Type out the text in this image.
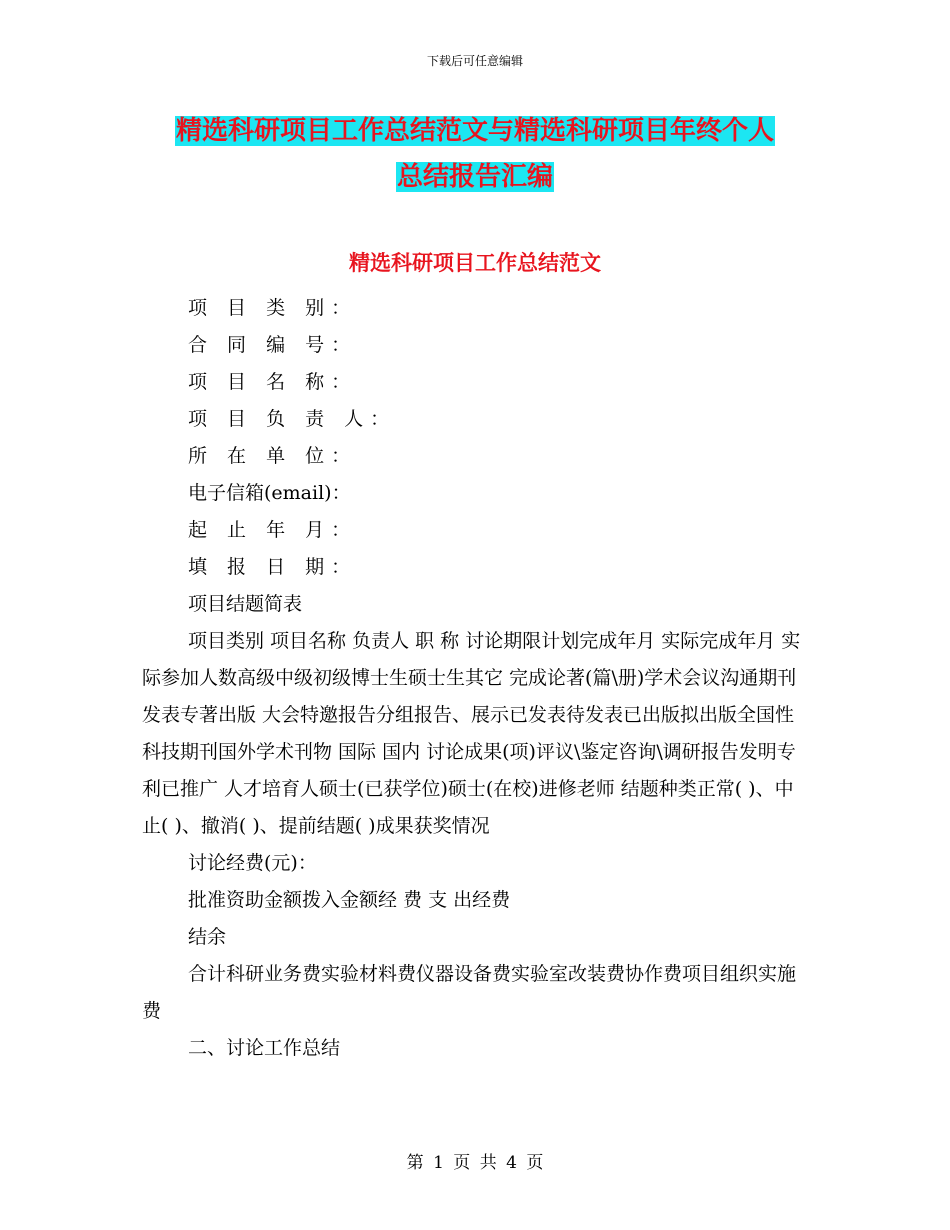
下载后可任意编辑
精选科研项目工作总结范文与精选科研项目年终个人
总结报告汇编
精选科研项目工作总结范文

项 目 类 别：

合 同 编 号：

项 目 名 称：

项 目 负 责 人：

所 在 单 位：

电子信箱(email)：

起 止 年 月：

填 报 日 期：

项目结题简表

项目类别 项目名称 负责人 职 称 讨论期限计划完成年月 实际完成年月 实际参加人数高级中级初级博士生硕士生其它 完成论著(篇\册)学术会议沟通期刊发表专著出版 大会特邀报告分组报告、展示已发表待发表已出版拟出版全国性科技期刊国外学术刊物 国际 国内 讨论成果(项)评议\鉴定咨询\调研报告发明专利已推广 人才培育人硕士(已获学位)硕士(在校)进修老师 结题种类正常( )、中止( )、撤消( )、提前结题( )成果获奖情况

讨论经费(元)：

批准资助金额拨入金额经 费 支 出经费

结余

合计科研业务费实验材料费仪器设备费实验室改装费协作费项目组织实施费

二、讨论工作总结

第 1 页 共 4 页
